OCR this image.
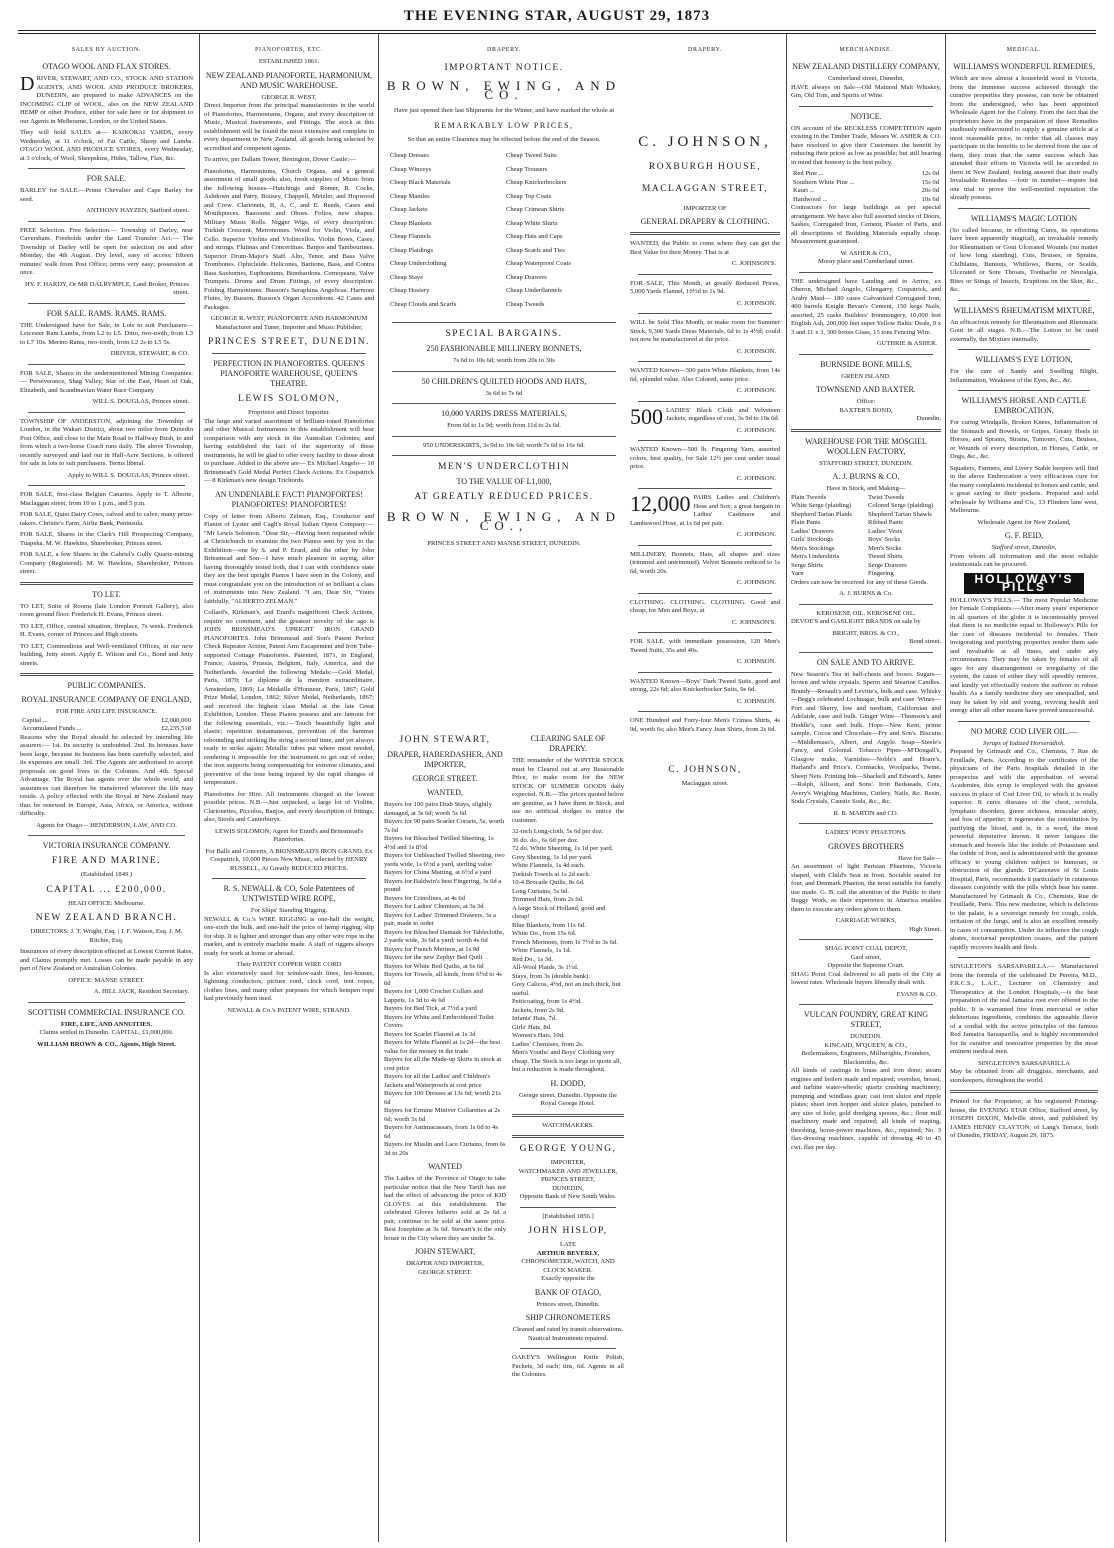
THE EVENING STAR, AUGUST 29, 1873
SALES BY AUCTION.
OTAGO WOOL AND FLAX STORES.

DRIVER, STEWART, AND CO., STOCK AND STATION AGENTS, AND WOOL AND PRODUCE BROKERS, DUNEDIN, are prepared to make ADVANCES on the INCOMING CLIP of WOOL, also on the NEW ZEALAND HEMP or other Produce, either for sale here or for shipment to our Agents in Melbourne, London, or the United States.

They will hold SALES at— KAIKORAI YARDS, every Wednesday, at 11 o'clock, of Fat Cattle, Sheep and Lambs. OTAGO WOOL AND PRODUCE STORES, every Wednesday, at 3 o'clock, of Wool, Sheepskins, Hides, Tallow, Flax, &c.

FOR SALE.

BARLEY for SALE.—Prime Chevalier and Cape Barley for seed.

ANTHONY HAYZEN, Stafford street.

FREE Selection. Free Selection.— Township of Darley, near Caversham. Freeholds under the Land Transfer Act.— The Township of Darley will be open for selection on and after Monday, the 4th August. Dry level, easy of access; fifteen minutes' walk from Post Office; terms very easy; possession at once.

HY. F. HARDY, Or MR DALRYMPLE, Land Broker, Princes street.

FOR SALE. RAMS. RAMS. RAMS.

THE Undersigned have for Sale, in Lots to suit Purchasers— Leicester Ram Lambs, from L2 to L5. Ditto, two-tooth, from L3 to L7 10s. Merino Rams, two-tooth, from L2 2s to L5 5s.

DRIVER, STEWART, & CO.

FOR SALE, Shares in the undermentioned Mining Companies:— Perseverance, Shag Valley, Star of the East, Heart of Oak, Elizabeth, and Scandinavian Water Race Company

WILL S. DOUGLAS, Princes street.

TOWNSHIP OF ANDERSTON, adjoining the Township of London, in the Wakari District, about two miles from Dunedin Post Office, and close to the Main Road to Halfway Bush, to and from which a two-horse Coach runs daily. The above Township, recently surveyed and laid out in Half-Acre Sections, is offered for sale in lots to suit purchasers. Terms liberal.

Apply to WILL S. DOUGLAS, Princes street.

FOR SALE, first-class Belgian Canaries. Apply to T. Alborte, Maclaggan street, from 10 to 1 p.m., and 5 p.m.

FOR SALE, Quiet Dairy Cows, calved and to calve; many prize-takers. Christie's Farm, Airlie Bank, Peninsula.

FOR SALE, Shares in the Clark's Hill Prospecting Company, Tuapeka. M. W. Hawkins, Sharebroker, Princes street.

FOR SALE, a few Shares in the Gabriel's Gully Quartz-mining Company (Registered). M. W. Hawkins, Sharebroker, Princes street.

TO LET.

TO LET, Suite of Rooms (late London Portrait Gallery), also room ground floor. Frederick H. Evans, Princes street.

TO LET, Office, central situation, fireplace, 7s week. Frederick H. Evans, corner of Princes and High streets.

TO LET, Commodious and Well-ventilated Offices, in our new building, Jetty street. Apply E. Wilson and Co., Bond and Jetty streets.

PUBLIC COMPANIES.
ROYAL INSURANCE COMPANY OF ENGLAND,
FOR FIRE AND LIFE INSURANCE.
Capital ...	£2,000,000
Accumulated Funds ...	£2,235,518

Reasons why the Royal should be selected by intending life assurers:— 1st. Its security is undoubted. 2nd. Its bonuses have been large, because its business has been carefully selected, and its expenses are small. 3rd. The Agents are authorised to accept proposals on good lives in the Colonies. And 4th. Special Advantage. The Royal has agents over the whole world, and assurances can therefore be transferred wherever the life may reside. A policy effected with the Royal in New Zealand may thus be renewed in Europe, Asia, Africa, or America, without difficulty.

Agents for Otago— HENDERSON, LAW, AND CO.

VICTORIA INSURANCE COMPANY.
FIRE AND MARINE.
(Established 1849.)
CAPITAL ... £200,000.
HEAD OFFICE: Melbourne.
NEW ZEALAND BRANCH.

DIRECTORS: J. T. Wright, Esq. | J. F. Watson, Esq. J. M. Ritchie, Esq.

Insurances of every description effected at Lowest Current Rates, and Claims promptly met. Losses can be made payable in any part of New Zealand or Australian Colonies.

OFFICE: MANSE STREET.

A. HILL JACK, Resident Secretary.

SCOTTISH COMMERCIAL INSURANCE CO.
FIRE, LIFE, AND ANNUITIES.

Claims settled in Dunedin. CAPITAL, £1,000,000.

WILLIAM BROWN & CO., Agents, High Street.

PIANOFORTES, ETC.
ESTABLISHED 1861.
NEW ZEALAND PIANOFORTE, HARMONIUM, AND MUSIC WAREHOUSE.
GEORGE R. WEST,

Direct Importer from the principal manufactories in the world of Pianofortes, Harmoniums, Organs, and every description of Music, Musical Instruments, and Fittings. The stock at this establishment will be found the most extensive and complete in every department in New Zealand, all goods being selected by accredited and competent agents.

To arrive, per Dallam Tower, Benington, Dover Castle:—

Pianofortes, Harmoniums, Church Organs, and a general assortment of small goods; also, fresh supplies of Music from the following houses—Hutchings and Romer, R. Cocks, Ashdown and Parry, Boosey, Chappell, Metzler, and Hopwood and Crew. Clarionets, B, A, C, and E. Reeds, Cases and Mouthpieces. Bassoons and Oboes. Folios, new shapes. Military Music Rolls. Nigger Wigs, of every description. Turkish Crescent. Metronomes. Wood for Violin, Viola, and Cello. Superior Violins and Violincellos. Violin Bows, Cases, and strings. Flutinas and Concertinas. Banjos and Tambourines. Superior Drum-Major's Staff. Alto, Tenor, and Bass Valve Trombones. Ophicleide. Helicones, Baritone, Bass, and Contra Bass Saxhornes, Euphoniums, Bombardons. Cornopeans, Valve Trumpets. Drums and Drum Fittings, of every description. Folding Harmoniums. Busson's Seraphina Angelicas. Harmoni Flutes, by Busson. Busson's Organ Accordeons. 42 Cases and Packages.

GEORGE R. WEST, PIANOFORTE AND HARMONIUM Manufacturer and Tuner, Importer and Music Publisher,
PRINCES STREET, DUNEDIN.
PERFECTION IN PIANOFORTES. QUEEN'S PIANOFORTE WAREHOUSE, QUEEN'S THEATRE.
LEWIS SOLOMON,
Proprietor and Direct Importer.

The large and varied assortment of brilliant-toned Pianofortes and other Musical Instruments in this establishment will bear comparison with any stock in the Australian Colonies; and having established the fact of the superiority of these instruments, he will be glad to offer every facility to those about to purchase. Added to the above are— Ex Michael Angelo— 10 Brinsmead's Gold Medal Perfect Check Actions. Ex Cospatrick— 8 Kirkman's new design Trichords.

AN UNDENIABLE FACT! PIANOFORTES! PIANOFORTES! PIANOFORTES!

Copy of letter from Alberto Zelman, Esq., Conductor and Pianist of Lyster and Cagli's Royal Italian Opera Company:— "Mr Lewis Solomon. "Dear Sir,—Having been requested while at Christchurch to examine the two Pianos sent by you to the Exhibition—one by S. and P. Erard, and the other by John Brinsmead and Son—I have much pleasure in saying, after having thoroughly tested both, that I can with confidence state they are the best upright Pianos I have seen in the Colony, and must congratulate you on the introduction of so brilliant a class of instruments into New Zealand. "I am, Dear Sir, "Yours faithfully, "ALBERTO ZELMAN."

Collard's, Kirkman's, and Erard's magnificent Check Actions, require no comment, and the greatest novelty of the age is JOHN BRINSMEAD'S UPRIGHT IRON GRAND PIANOFORTES. John Brinsmead and Son's Patent Perfect Check Repeater Action, Patent Arm Escapement and Iron Tube-supported Cottage Pianofortes. Patented, 1871, in England, France, Austria, Prussia, Belgium, Italy, America, and the Netherlands. Awarded the following Medals:—Gold Medal, Paris, 1870; Le diplome de la mention extraordinaire, Amsterdam, 1869; La Médaille d'Honneur, Paris, 1867; Gold Prize Medal, London, 1862; Silver Medal, Netherlands, 1867; and received the highest class Medal at the late Great Exhibition, London. These Pianos possess and are famous for the following essentials, viz.:—Touch beautifully light and elastic; repetition instantaneous, prevention of the hammer rebounding and striking the string a second time, and yet always ready to strike again; Metallic tubes put where most needed, rendering it impossible for the instrument to get out of order, the iron supports being compensating for extreme climates, and preventive of the tone being injured by the rapid changes of temperature.

Pianofortes for Hire. All instruments charged at the lowest possible prices. N.B.—Just unpacked, a large lot of Violins, Clarionettes, Piccolos, Banjos, and every description of fittings; also, Stools and Canterburys.

LEWIS SOLOMON, Agent for Erard's and Brinsmead's Pianofortes.

For Balls and Concerts, A BRINSMEAD'S IRON GRAND. Ex Cospatrick, 10,000 Pieces New Music, selected by HENRY RUSSELL, At Greatly REDUCED PRICES.

R. S. NEWALL & CO, Sole Patentees of UNTWISTED WIRE ROPE,
For Ships' Standing Rigging.

NEWALL & Co.'s WIRE RIGGING is one-half the weight, one-sixth the bulk, and one-half the price of hemp rigging; slip for ship. It is lighter and stronger than any other wire rope in the market, and is entirely machine made. A staff of riggers always ready for work at home or abroad.

Their PATENT COPPER WIRE CORD

Is also extensively used for window-sash lines, hot-houses, lightning conductors, picture cord, clock cord, tent ropes, clothes lines, and many other purposes for which hempen rope had previously been used.

NEWALL & Co.'s PATENT WIRE, STRAND.

DRAPERY.
IMPORTANT NOTICE.
BROWN, EWING, AND CO.

Have just opened their last Shipments for the Winter, and have marked the whole at

REMARKABLY LOW PRICES,

So that an entire Clearance may be effected before the end of the Season.

Cheap Dresses
Cheap Winceys
Cheap Black Materials
Cheap Mantles
Cheap Jackets
Cheap Blankets
Cheap Flannels
Cheap Plaidings
Cheap Underclothing
Cheap Stays
Cheap Hosiery
Cheap Clouds and Scarfs
Cheap Tweed Suits
Cheap Trousers
Cheap Knickerbockers
Cheap Top Coats
Cheap Crimean Shirts
Cheap White Shirts
Cheap Hats and Caps
Cheap Scarfs and Ties
Cheap Waterproof Coats
Cheap Drawers
Cheap Underflannels
Cheap Tweeds
SPECIAL BARGAINS.
250 FASHIONABLE MILLINERY BONNETS,

7s 6d to 10s 6d; worth from 20s to 30s

50 CHILDREN'S QUILTED HOODS AND HATS,

3s 6d to 7s 6d

10,000 YARDS DRESS MATERIALS,

From 6d to 1s 9d; worth from 11d to 2s 6d.

950 UNDERSKIRTS, 3s 9d to 10s 6d; worth 7s 6d to 16s 6d.

MEN'S UNDERCLOTHIN
TO THE VALUE OF L1,000,
AT GREATLY REDUCED PRICES.
BROWN, EWING, AND CO.,

PRINCES STREET AND MANSE STREET, DUNEDIN.

JOHN STEWART,
DRAPER, HABERDASHER, AND IMPORTER,
GEORGE STREET.
WANTED,
Buyers for 100 pairs Drab Stays, slightly damaged, at 3s 6d; worth 5s 6d
Buyers for 90 pairs Scarlet Corsets, 5s; worth 7s 6d
Buyers for Bleached Twilled Sheeting, 1s 4½d and 1s 8½d
Buyers for Unbleached Twilled Sheeting, two yards wide, 1s 6½d a yard, sterling value
Buyers for China Matting, at 6½d a yard
Buyers for Baldwin's best Fingering, 3s 6d a pound
Buyers for Crinolines, at 4s 6d
Buyers for Ladies' Chemises, at 3s 3d
Buyers for Ladies' Trimmed Drawers, 3s a pair, made to order
Buyers for Bleached Damask for Tablecloths, 2 yards wide, 3s 6d a yard; worth 4s 6d
Buyers for French Merinos, at 1s 9d
Buyers for the new Zephyr Bed Quilt
Buyers for White Bed Quilts, at 6s 6d
Buyers for Towels, all kinds, from 6½d to 4s 6d
Buyers for 1,000 Crochet Collars and Lappets, 1s 3d to 4s 6d
Buyers for Bed Tick, at 7½d a yard
Buyers for White and Embroidered Toilet Covers
Buyers for Scarlet Flannel at 1s 3d
Buyers for White Flannel at 1s 2d—the best value for the money in the trade
Buyers for all the Made-up Skirts in stock at cost price
Buyers for all the Ladies' and Children's Jackets and Waterproofs at cost price
Buyers for 100 Dresses at 13s 6d; worth 21s 6d
Buyers for Ermine Miniver Collarettes at 2s 6d; worth 5s 6d
Buyers for Antimacassars, from 1s 6d to 4s 6d
Buyers for Muslin and Lace Curtains, from 6s 3d to 20s
WANTED

The Ladies of the Province of Otago to take particular notice that the New Tariff has not had the effect of advancing the price of KID GLOVES at this establishment. The celebrated Gloves hitherto sold at 2s 6d a pair, continue to be sold at the same price. Best Josephine at 3s 6d. Stewart's is the only house in the City where they are under 5s.

JOHN STEWART,
DRAPER AND IMPORTER,
GEORGE STREET.
CLEARING SALE OF DRAPERY.

THE remainder of the WINTER STOCK must be Cleared out at any Reasonable Price, to make room for the NEW STOCK OF SUMMER GOODS daily expected. N.B.—The prices quoted below are genuine, as I have them in Stock, and use no artificial dodges to entice the customer.

32-inch Long-cloth, 5s 6d per doz.
36 do. do., 6s 6d per doz.
72 do. White Sheeting, 1s 1d per yard.
Grey Sheeting, 1s 1d per yard.
White Flannels, 1s 4d each.
Turkish Towels at 1s 2d each.
10-4 Brocade Quilts, 8s 6d.
Long Curtains, 5s 6d.
Trimmed Hats, from 2s 6d.
A large Stock of Holland, good and cheap!
Blue Blankets, from 11s 6d.
White Do., from 15s 6d.
French Merinoes, from 1s 7½d to 3s 6d.
White Flannels, 1s 1d.
Red Do., 1s 3d.
All-Wool Plaids, 3s 1½d.
Stays, from 3s (double bank).
Grey Calicos, 4½d, not an inch thick, but useful.
Petticoating, from 1s 4½d.
Jackets, from 2s 9d.
Infants' Hats, 7d.
Girls' Hats, 8d.
Women's Hats, 10d.
Ladies' Chemises, from 2s.
Men's Youths' and Boys' Clothing very cheap. The Stock is too large to quote all, but a reduction is made throughout.
H. DODD,

George street, Dunedin. Opposite the Royal George Hotel.

WATCHMAKERS.
GEORGE YOUNG,
IMPORTER,
WATCHMAKER AND JEWELLER,
PRINCES STREET,
DUNEDIN,
Opposite Bank of New South Wales.
[Established 1856.]
JOHN HISLOP,
LATE
ARTHUR BEVERLY,
CHRONOMETER, WATCH, AND CLOCK MAKER.
Exactly opposite the
BANK OF OTAGO,
Princes street, Dunedin.
SHIP CHRONOMETERS

Cleaned and rated by transit observations. Nautical Instruments repaired.

OAKEY'S Wellington Knife Polish, Packets, 3d each; tins, 6d. Agents in all the Colonies.

DRAPERY.
C. JOHNSON,
ROXBURGH HOUSE,
MACLAGGAN STREET,
IMPORTER OF
GENERAL DRAPERY & CLOTHING.

WANTED, the Public to come where they can get the Best Value for their Money. That is at

C. JOHNSON'S.

FOR SALE, This Month, at greatly Reduced Prices, 5,000 Yards Flannel, 10½d to 1s 9d.

C. JOHNSON.

WILL be Sold This Month, to make room for Summer Stock, 9,300 Yards Dress Materials, 6d to 1s 4½d; could not now be manufactured at the price.

C. JOHNSON.

WANTED Known—300 pairs White Blankets, from 14s 6d, splendid value. Also Colored, same price.

C. JOHNSON.

500 LADIES' Black Cloth and Velveteen Jackets, regardless of cost, 3s 9d to 10s 6d.

C. JOHNSON.

WANTED Known—500 lb. Fingering Yarn, assorted colors, best quality, for Sale 12½ per cent under usual price.

C. JOHNSON.

12,000 PAIRS Ladies and Children's Hose and Sox; a great bargain in Ladies' Cashmere and Lambswool Hose, at 1s 6d per pair.

C. JOHNSON.

MILLINERY, Bonnets, Hats, all shapes and sizes (trimmed and untrimmed). Velvet Bonnets reduced to 1s 6d, worth 20s.

C. JOHNSON.

CLOTHING. CLOTHING. CLOTHING. Good and cheap, for Men and Boys, at

C. JOHNSON'S.

FOR SALE, with immediate possession, 120 Men's Tweed Suits, 35s and 40s.

C. JOHNSON.

WANTED Known—Boys' Dark Tweed Suits, good and strong, 22s 6d; also Knickerbocker Suits, 9s 6d.

C. JOHNSON.

ONE Hundred and Forty-four Men's Crimea Shirts, 4s 9d, worth 6s; also Men's Fancy Jean Shirts, from 2s 6d.

C. JOHNSON,
Maclaggan street.
MERCHANDISE.
NEW ZEALAND DISTILLERY COMPANY,
Cumberland street, Dunedin,

HAVE always on Sale—Old Matured Malt Whiskey, Gin, Old Tom, and Spirits of Wine.

NOTICE.

ON account of the RECKLESS COMPETITION again existing in the Timber Trade, Messrs W. ASHER & CO. have resolved to give their Customers the benefit by reducing their prices as low as possible; but still bearing in mind that honesty is the best policy.

Red Pine ...	12s 0d
Southern White Pine ...	15s 0d
Kauri ...	20s 0d
Hardwood ...	10s 6d

Contractors for large buildings as per special arrangement. We have also full assorted stocks of Doors, Sashes, Corrugated Iron, Cement, Plaster of Paris, and all descriptions of Building Materials equally cheap. Measurement guaranteed.

W. ASHER & CO.,
Moray place and Cumberland street.

THE undersigned have Landing and to Arrive, ex Oberon, Michael Angelo, Glengarry, Cospatrick, and Araby Maid— 180 cases Galvanised Corrugated Iron, 400 barrels Knight Bevan's Cement, 150 kegs Nails, assorted, 25 casks Builders' Ironmongery, 10,000 feet English Ash, 200,000 feet super Yellow Baltic Deals, 9 x 3 and 11 x 3, 300 boxes Glass, 15 tons Fencing Wire.

GUTHRIE & ASHER.

BURNSIDE BONE MILLS,
GREEN ISLAND.
TOWNSEND AND BAXTER.
Office:
BAXTER'S BOND,
Dunedin.
WAREHOUSE FOR THE MOSGIEL WOOLLEN FACTORY,
STAFFORD STREET, DUNEDIN.
A. J. BURNS & CO.
Have in Stock, and Making—
Plain Tweeds
White Serge (plaiding)
Shepherd Tartan Plaids
Plain Pants
Ladies' Drawers
Girls' Stockings
Men's Stockings
Men's Undershirts
Serge Shirts
Yarn
Twist Tweeds
Colored Serge (plaiding)
Shepherd Tartan Shawls
Ribbed Pants
Ladies' Vests
Boys' Socks
Men's Socks
Tweed Shirts
Serge Drawers
Fingering

Orders can now be received for any of these Goods.

A. J. BURNS & Co.

KEROSENE OIL. KEROSENE OIL.

DEVOE'S and GASLIGHT BRANDS on sale by

BRIGHT, BROS. & CO.,
Bond street.
ON SALE AND TO ARRIVE.

New Season's Tea in half-chests and boxes. Sugars—brown and white crystals. Sperm and Stearine Candles. Brandy—Renault's and Levitte's, bulk and case. Whisky—Begg's celebrated Lochnagar, bulk and case. Wines—Port and Sherry, low and medium, Californian and Adelaide, case and bulk. Ginger Wine—Thomson's and Heddle's, case and bulk. Hops—New Kent, prime sample. Cocoa and Chocolate—Fry and Son's. Biscuits—Middlemass's, Albert, and Argyle. Soap—Steele's Fancy, and Colonial. Tobacco Pipes—M'Dougall's, Glasgow make. Varnishes—Noble's and Hoare's, Harland's and Price's. Cornsacks, Woolpacks, Twine, Sheep Nets. Printing Ink—Shackell and Edward's, Janes—Ralph, Allison, and Sons'. Iron Bedsteads, Cots, Avery's Weighing Machines, Cutlery, Nails, &c. Resin, Soda Crystals, Caustic Soda, &c., &c.

R. B. MARTIN and CO.

LADIES' PONY PHAETONS.
GROVES BROTHERS
Have for Sale—

An assortment of light Parisian Phaetons, Victoria shaped, with Child's Seat in front. Sociable seated for four, and Denmark Phaeton, the most suitable for family use made. G. B. call the attention of the Public to their Buggy Work, as their experience in America enables them to execute any orders given to them.

CARRIAGE WORKS,
High Street.
SHAG POINT COAL DEPOT,
Gaol street,
Opposite the Supreme Court.

SHAG Point Coal delivered to all parts of the City at lowest rates. Wholesale buyers liberally dealt with.

EVANS & CO.

VULCAN FOUNDRY, GREAT KING STREET,
DUNEDIN.
KINCAID, M'QUEEN, & CO.,
Boilermakers, Engineers, Millwrights, Founders, Blacksmiths, &c.

All kinds of castings in brass and iron done; steam engines and boilers made and repaired; overshot, breast, and turbine water-wheels; quartz crushing machinery; pumping and windlass gear; cast iron sluice and ripple plates; sheet iron hopper and sluice plates, punched to any size of hole; gold dredging spoons, &c.; flour mill machinery made and repaired; all kinds of reaping, threshing, horse-power machines, &c., repaired; No. 3 flax-dressing machines, capable of dressing 40 to 45 cwt. flax per day.

MEDICAL.
WILLIAMS'S WONDERFUL REMEDIES,

Which are now almost a household word in Victoria, from the immense success achieved through the curative properties they possess, can now be obtained from the undersigned, who has been appointed Wholesale Agent for the Colony. From the fact that the proprietors have in the preparation of these Remedies studiously endeavoured to supply a genuine article at a most reasonable price, in order that all classes may participate in the benefits to be derived from the use of them, they trust that the same success which has attended their efforts in Victoria will be accorded to them in New Zealand, feeling assured that their really Invaluable Remedies —four in number—require but one trial to prove the well-merited reputation the already possess.

WILLIAMS'S MAGIC LOTION

(So called because, in effecting Cures, its operations have been apparently magical), an invaluable remedy for Rheumatism or Gout Ulcerated Wounds (no matter of how long standing), Cuts, Bruises, or Sprains, Chilblains, Bunions, Whitlows, Burns, or Scalds, Ulcerated or Sore Throats, Toothache or Neuralgia, Bites or Stings of Insects, Eruptions on the Skin, &c., &c.

WILLIAMS'S RHEUMATISM MIXTURE,

An efficacious remedy for Rheumatism and Rheumatic Gout in all stages. N.B.—The Lotion to be used externally, the Mixture internally.

WILLIAMS'S EYE LOTION,

For the cure of Sandy and Swelling Blight, Inflammation, Weakness of the Eyes, &c., &c.

WILLIAMS'S HORSE AND CATTLE EMBROCATION,

For curing Windgalls, Broken Knees, Inflammation of the Stomach and Bowels, or Gripes, Greasy Heels in Horses, and Sprains, Strains, Tumours, Cuts, Bruises, or Wounds of every description, in Horses, Cattle, or Dogs, &c., &c.

Squatters, Farmers, and Livery Stable keepers will find in the above Embrocation a very efficacious cure for the many complaints incidental to horses and cattle, and a great saving to their pockets. Prepared and sold wholesale by Williams and Co., 13 Flinders lane west, Melbourne.

Wholesale Agent for New Zealand,
G. F. REID,
Stafford street, Dunedin,

From whom all information and the most reliable testimonials can be procured.

HOLLOWAY'S PILLS

HOLLOWAY'S PILLS.— The most Popular Medicine for Female Complaints.—After many years' experience in all quarters of the globe it is incontestably proved that there is no medicine equal to Holloway's Pills for the cure of diseases incidental to females. Their invigorating and purifying properties render them safe and invaluable at all times, and under any circumstances. They may be taken by females of all ages for any disarrangement or irregularity of the system, the cause of either they will speedily remove, and kindly yet effectually restore the sufferer to robust health. As a family medicine they are unequalled, and may be taken by old and young, reviving health and energy after all other means have proved unsuccessful.

NO MORE COD LIVER OIL.—
Syrups of Iodized Horseradish.

Prepared by Grimault and Co., Chemists, 7 Rue de Feuillade, Paris. According to the certificates of the physicians of the Paris hospitals detailed in the prospectus and with the approbation of several Academies, this syrup is employed with the greatest success in place of Cod Liver Oil, to which it is really superior. It cures diseases of the chest, scrofula, lymphatic disorders, green sickness, muscular atony, and loss of appetite; it regenerates the constitution by purifying the blood, and is, in a word, the most powerful depurative known. It never fatigues the stomach and bowels like the iodide of Potassium and the iodide of Iron, and is administered with the greatest efficacy to young children subject to humours, or obstruction of the glands. D'Cazenave of St Louis Hospital, Paris, recommends it particularly in cutaneous diseases conjointly with the pills which bear his name. Manufactured by Grimault & Co., Chemists, Rue de Feuillade, Paris. This new medicine, which is delicious to the palate, is a sovereign remedy for cough, colds, irritation of the lungs, and is also an excellent remedy in cases of consumption. Under its influence the cough abates, nocturnal perspiration ceases, and the patient rapidly recovers health and flesh.

SINGLETON'S SARSAPARILLA.— Manufactured from the formula of the celebrated Dr Pereira, M.D., F.R.C.S., L.A.C., Lecturer on Chemistry and Therapeutics at the London Hospitals,—is the best preparation of the real Jamaica root ever offered to the public. It is warranted free from mercurial or other deleterious ingredients, combines the agreeable flavor of a cordial with the active principles of the famous Red Jamaica Sarsaparilla, and is highly recommended for its curative and restorative properties by the most eminent medical men.

SINGLETON'S SARSAPARILLA

May be obtained from all druggists, merchants, and storekeepers, throughout the world.

Printed for the Proprietor, at his registered Printing-house, the EVENING STAR Office, Stafford street, by JOSEPH DIXON, Melville street, and published by JAMES HENRY CLAYTON, of Lang's Terrace, both of Dunedin, FRIDAY, August 29, 1873.
